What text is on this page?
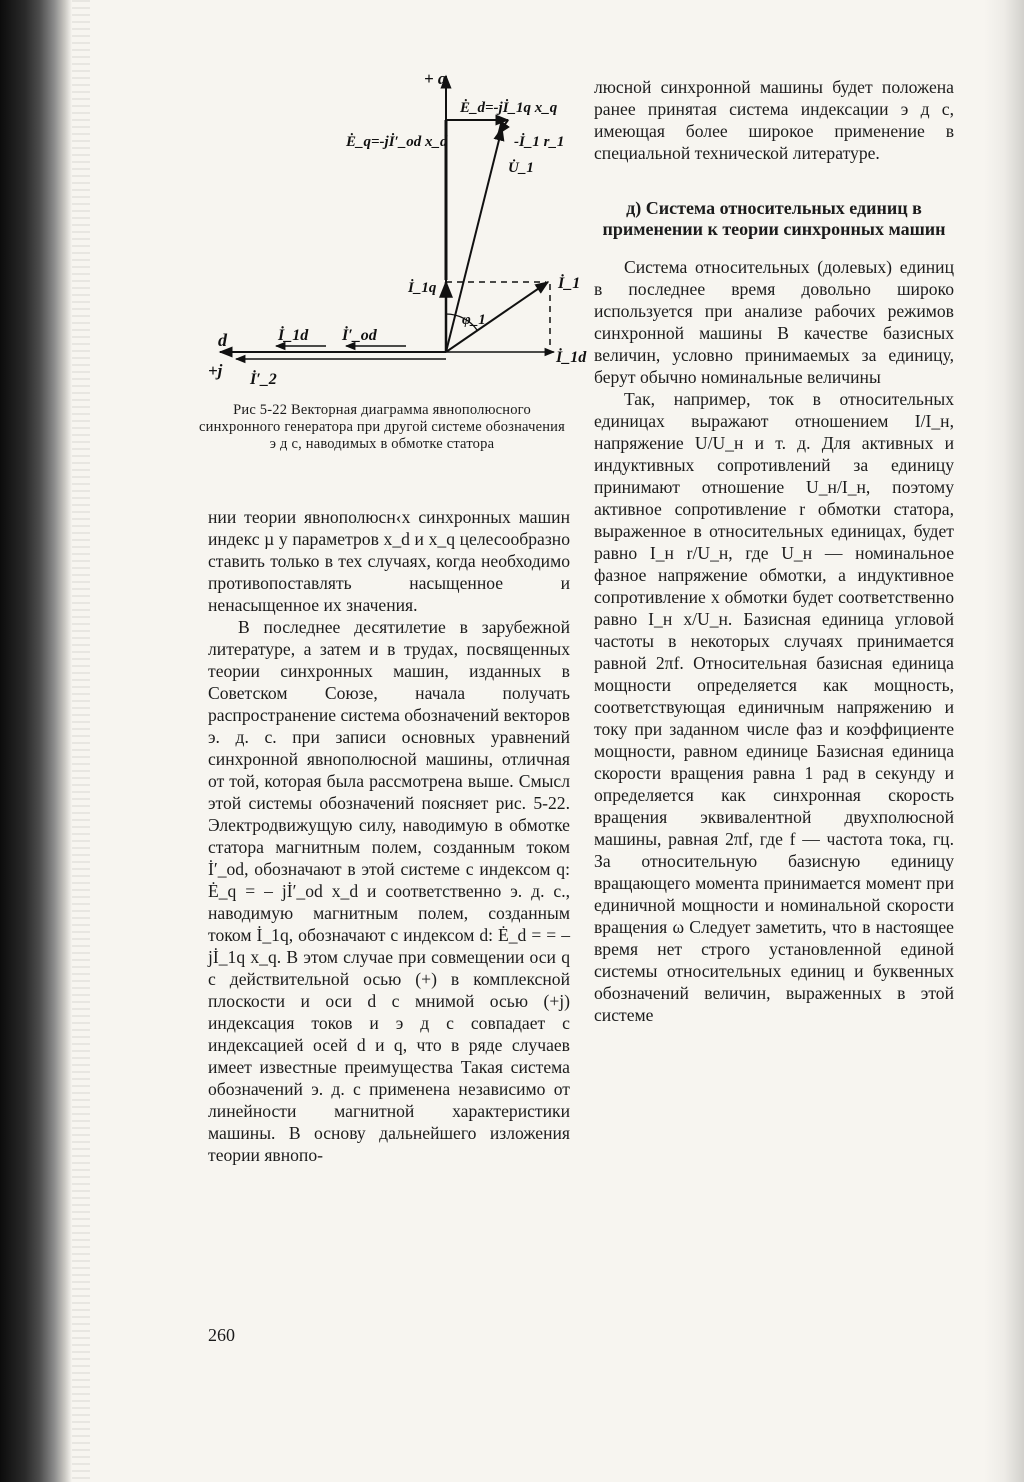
+ q
Ė_d=-jİ_1q x_q
Ė_q=-jİ′_od x_d	-İ_1 r_1
U̇_1
İ_1q	İ_1
φ_1
İ_1d İ′_od
İ′_2
d
+j
İ_1d
Рис 5-22 Векторная диаграмма явнополюсного синхронного генератора при другой системе обозначения э д с, наводимых в обмотке статора

нии теории явнополюсн‹х синхронных машин индекс µ у параметров x_d и x_q целесообразно ставить только в тех случаях, когда необходимо противопоставлять насыщенное и ненасыщенное их значения.

В последнее десятилетие в зарубежной литературе, а затем и в трудах, посвященных теории синхронных машин, изданных в Советском Союзе, начала получать распространение система обозначений векторов э. д. с. при записи основных уравнений синхронной явнополюсной машины, отличная от той, которая была рассмотрена выше. Смысл этой системы обозначений поясняет рис. 5-22. Электродвижущую силу, наводимую в обмотке статора магнитным полем, созданным током İ′_od, обозначают в этой системе с индексом q: Ė_q = – jİ′_od x_d и соответственно э. д. с., наводимую магнитным полем, созданным током İ_1q, обозначают с индексом d: Ė_d = = – jİ_1q x_q. В этом случае при совмещении оси q с действительной осью (+) в комплексной плоскости и оси d с мнимой осью (+j) индексация токов и э д с совпадает с индексацией осей d и q, что в ряде случаев имеет известные преимущества Такая система обозначений э. д. с применена независимо от линейности магнитной характеристики машины. В основу дальнейшего изложения теории явнопо-

люсной синхронной машины будет положена ранее принятая система индексации э д с, имеющая более широкое применение в специальной технической литературе.

д) Система относительных единиц в применении к теории синхронных машин

Система относительных (долевых) единиц в последнее время довольно широко используется при анализе рабочих режимов синхронной машины В качестве базисных величин, условно принимаемых за единицу, берут обычно номинальные величины

Так, например, ток в относительных единицах выражают отношением I/I_н, напряжение U/U_н и т. д. Для активных и индуктивных сопротивлений за единицу принимают отношение U_н/I_н, поэтому активное сопротивление r обмотки статора, выраженное в относительных единицах, будет равно I_н r/U_н, где U_н — номинальное фазное напряжение обмотки, а индуктивное сопротивление x обмотки будет соответственно равно I_н x/U_н. Базисная единица угловой частоты в некоторых случаях принимается равной 2πf. Относительная базисная единица мощности определяется как мощность, соответствующая единичным напряжению и току при заданном числе фаз и коэффициенте мощности, равном единице Базисная единица скорости вращения равна 1 рад в секунду и определяется как синхронная скорость вращения эквивалентной двухполюсной машины, равная 2πf, где f — частота тока, гц. За относительную базисную единицу вращающего момента принимается момент при единичной мощности и номинальной скорости вращения ω Следует заметить, что в настоящее время нет строго установленной единой системы относительных единиц и буквенных обозначений величин, выраженных в этой системе

260
